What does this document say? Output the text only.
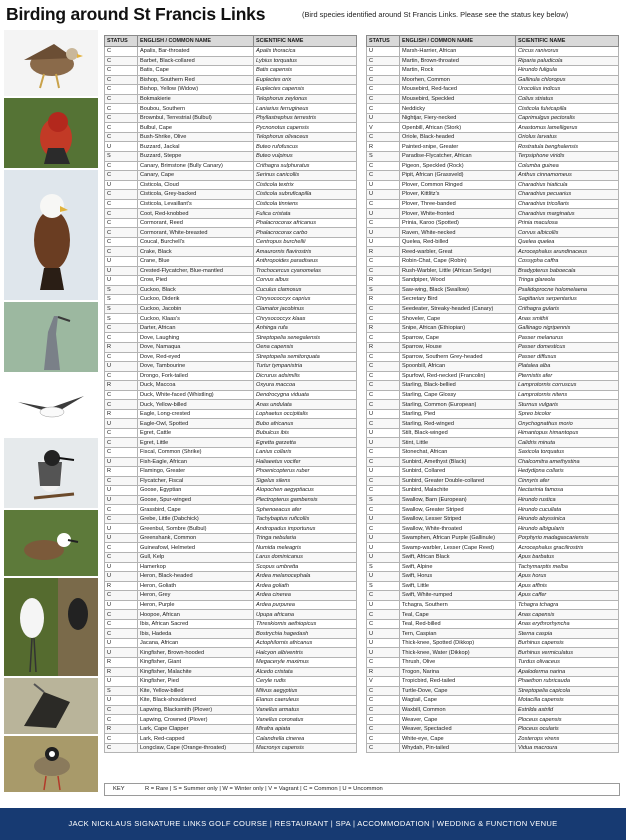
Birding around St Francis Links	(Bird species identified around St Francis Links. Please see the status key below)
STATUS	ENGLISH / COMMON NAME	SCIENTIFIC NAME
C	Apalis, Bar-throated	Apalis thoracica
C	Barbet, Black-collared	Lybius torquatus
C	Batis, Cape	Batis capensis
C	Bishop, Southern Red	Euplectes orix
C	Bishop, Yellow (Widow)	Euplectes capensis
C	Bokmakierie	Telophorus zeylonus
C	Boubou, Southern	Laniarius ferrugineus
C	Brownbul, Terrestrial (Bulbul)	Phyllastrephus terrestris
C	Bulbul, Cape	Pycnonotus capensis
C	Bush-Shrike, Olive	Telophorus olivaceus
U	Buzzard, Jackal	Buteo rufofuscus
S	Buzzard, Steppe	Buteo vulpinus
C	Canary, Brimstone (Bully Canary)	Crithagra sulphuratus
C	Canary, Cape	Serinus canicollis
U	Cisticola, Cloud	Cisticola textrix
C	Cisticola, Grey-backed	Cisticola subruficapilla
C	Cisticola, Levaillant's	Cisticola tinniens
C	Coot, Red-knobbed	Fulica cristata
C	Cormorant, Reed	Phalacrocorax africanus
C	Cormorant, White-breasted	Phalacrocorax carbo
C	Coucal, Burchell's	Centropus burchellii
C	Crake, Black	Amaurornis flavirostris
U	Crane, Blue	Anthropoides paradiseus
U	Crested-Flycatcher, Blue-mantled	Trochocercus cyanomelas
U	Crow, Pied	Corvus albus
S	Cuckoo, Black	Cuculus clamosus
S	Cuckoo, Diderik	Chrysococcyx caprius
S	Cuckoo, Jacobin	Clamator jacobinus
S	Cuckoo, Klaas's	Chrysococcyx klaas
C	Darter, African	Anhinga rufa
C	Dove, Laughing	Streptopelia senegalensis
R	Dove, Namaqua	Oena capensis
C	Dove, Red-eyed	Streptopelia semitorquata
U	Dove, Tambourine	Turtur tympanistria
C	Drongo, Fork-tailed	Dicrurus adsimilis
R	Duck, Maccoa	Oxyura maccoa
C	Duck, White-faced (Whistling)	Dendrocygna viduata
C	Duck, Yellow-billed	Anas undulata
R	Eagle, Long-crested	Lophaetus occipitalis
U	Eagle-Owl, Spotted	Bubo africanus
C	Egret, Cattle	Bubulcus ibis
C	Egret, Little	Egretta garzetta
C	Fiscal, Common (Shrike)	Lanius collaris
U	Fish-Eagle, African	Haliaeetus vocifer
R	Flamingo, Greater	Phoenicopterus ruber
C	Flycatcher, Fiscal	Sigelus silens
U	Goose, Egyptian	Alopochen aegyptiacus
U	Goose, Spur-winged	Plectropterus gambensis
C	Grassbird, Cape	Sphenoeacus afer
C	Grebe, Little (Dabchick)	Tachybaptus ruficollis
U	Greenbul, Sombre (Bulbul)	Andropadus importunus
U	Greenshank, Common	Tringa nebularia
C	Guineafowl, Helmeted	Numida meleagris
C	Gull, Kelp	Larus dominicanus
U	Hamerkop	Scopus umbretta
U	Heron, Black-headed	Ardea melanocephala
R	Heron, Goliath	Ardea goliath
C	Heron, Grey	Ardea cinerea
U	Heron, Purple	Ardea purpurea
C	Hoopoe, African	Upupa africana
C	Ibis, African Sacred	Threskiornis aethiopicus
C	Ibis, Hadeda	Bostrychia hagedash
U	Jacana, African	Actophilornis africanus
U	Kingfisher, Brown-hooded	Halcyon albiventris
R	Kingfisher, Giant	Megaceryle maximus
R	Kingfisher, Malachite	Alcedo cristata
U	Kingfisher, Pied	Ceryle rudis
S	Kite, Yellow-billed	Milvus aegyptius
U	Kite, Black-shouldered	Elanus caeruleus
C	Lapwing, Blacksmith (Plover)	Vanellus armatus
C	Lapwing, Crowned (Plover)	Vanellus coronatus
R	Lark, Cape Clapper	Mirafra apiata
C	Lark, Red-capped	Calandrella cinerea
C	Longclaw, Cape (Orange-throated)	Macronyx capensis
STATUS	ENGLISH / COMMON NAME	SCIENTIFIC NAME
U	Marsh-Harrier, African	Circus ranivorus
C	Martin, Brown-throated	Riparia paludicola
C	Martin, Rock	Hirundo fuligula
C	Moorhen, Common	Gallinula chloropus
C	Mousebird, Red-faced	Urocolius indicus
C	Mousebird, Speckled	Colius striatus
C	Neddicky	Cisticola fulvicapilla
U	Nightjar, Fiery-necked	Caprimulgus pectoralis
V	Openbill, African (Stork)	Anastomus lamelligerus
C	Oriole, Black-headed	Oriolus larvatus
R	Painted-snipe, Greater	Rostratula benghalensis
S	Paradise-Flycatcher, African	Terpsiphone viridis
C	Pigeon, Speckled (Rock)	Columba guinea
C	Pipit, African (Grassveld)	Anthus cinnamomeus
U	Plover, Common Ringed	Charadrius hiaticula
U	Plover, Kittlitz's	Charadrius pecuarius
C	Plover, Three-banded	Charadrius tricollaris
U	Plover, White-fronted	Charadrius marginatus
C	Prinia, Karoo (Spotted)	Prinia maculosa
U	Raven, White-necked	Corvus albicollis
U	Quelea, Red-billed	Quelea quelea
R	Reed-warbler, Great	Acrocephalus arundinaceus
C	Robin-Chat, Cape (Robin)	Cossypha caffra
C	Rush-Warbler, Little (African Sedge)	Bradypterus baboecala
R	Sandpiper, Wood	Tringa glareola
S	Saw-wing, Black (Swallow)	Psalidoprocne holomelaena
R	Secretary Bird	Sagittarius serpentarius
C	Seedeater, Streaky-headed (Canary)	Crithagra gularis
C	Shoveler, Cape	Anas smithii
R	Snipe, African (Ethiopian)	Gallinago nigripennis
C	Sparrow, Cape	Passer melanurus
R	Sparrow, House	Passer domesticus
C	Sparrow, Southern Grey-headed	Passer diffusus
C	Spoonbill, African	Platalea alba
C	Spurfowl, Red-necked (Francolin)	Pternistis afer
C	Starling, Black-bellied	Lamprotornis corruscus
C	Starling, Cape Glossy	Lamprotornis nitens
C	Starling, Common (European)	Sturnus vulgaris
U	Starling, Pied	Spreo bicolor
C	Starling, Red-winged	Onychognathus morio
U	Stilt, Black-winged	Himantopus himantopus
U	Stint, Little	Calidris minuta
C	Stonechat, African	Saxicola torquatus
C	Sunbird, Amethyst (Black)	Chalcomitra amethystina
U	Sunbird, Collared	Hedydipna collaris
C	Sunbird, Greater Double-collared	Cinnyris afer
C	Sunbird, Malachite	Nectarinia famosa
S	Swallow, Barn (European)	Hirundo rustica
C	Swallow, Greater Striped	Hirundo cucullata
U	Swallow, Lesser Striped	Hirundo abyssinica
C	Swallow, White-throated	Hirundo albigularis
U	Swamphen, African Purple (Gallinule)	Porphyrio madagascariensis
U	Swamp-warbler, Lesser (Cape Reed)	Acrocephalus gracilirostris
U	Swift, African Black	Apus barbatus
S	Swift, Alpine	Tachymarptis melba
U	Swift, Horus	Apus horus
S	Swift, Little	Apus affinis
C	Swift, White-rumped	Apus caffer
U	Tchagra, Southern	Tchagra tchagra
C	Teal, Cape	Anas capensis
C	Teal, Red-billed	Anas erythrorhyncha
U	Tern, Caspian	Sterna caspia
U	Thick-knee, Spotted (Dikkop)	Burhinus capensis
U	Thick-knee, Water (Dikkop)	Burhinus vermiculatus
C	Thrush, Olive	Turdus olivaceus
R	Trogon, Narina	Apaloderma narina
V	Tropicbird, Red-tailed	Phaethon rubricauda
C	Turtle-Dove, Cape	Streptopelia capicola
C	Wagtail, Cape	Motacilla capensis
C	Waxbill, Common	Estrilda astrild
C	Weaver, Cape	Ploceus capensis
C	Weaver, Spectacled	Ploceus ocularis
C	White-eye, Cape	Zosterops virens
C	Whydah, Pin-tailed	Vidua macroura
KEY	R = Rare | S = Summer only | W = Winter only | V = Vagrant | C = Common | U = Uncommon
JACK NICKLAUS SIGNATURE LINKS GOLF COURSE | RESTAURANT | SPA | ACCOMMODATION | WEDDING & FUNCTION VENUE
